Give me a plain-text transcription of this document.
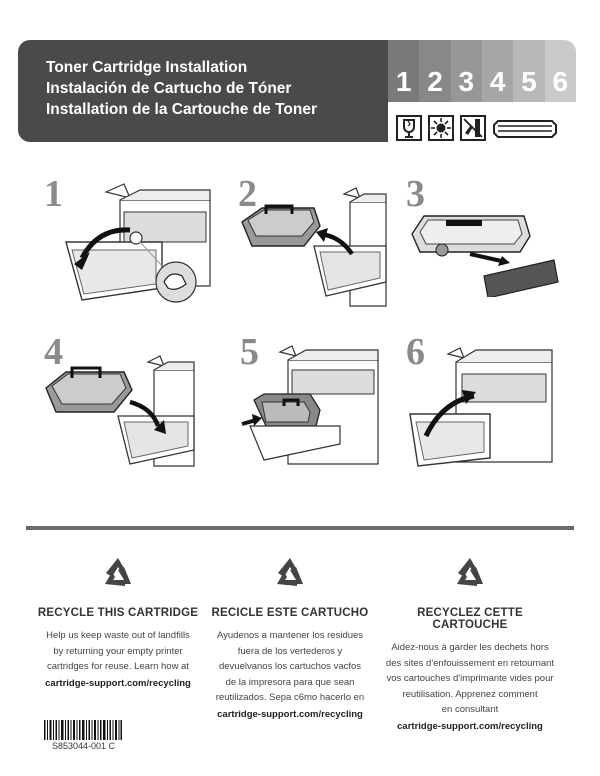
Toner Cartridge Installation
Instalación de Cartucho de Tóner
Installation de la Cartouche de Toner
1 2 3 4 5 6
1	2	3
4	5	6
RECYCLE THIS CARTRIDGE

Help us keep waste out of landfills

by returning your empty printer

cartridges for reuse. Learn how at

cartridge-support.com/recycling
RECICLE ESTE CARTUCHO

Ayudenos a mantener los residues

fuera de los vertederos y

devuelvanos los cartuchos vacfos

de la impresora para que sean

reutilizados. Sepa c6mo hacerlo en

cartridge-support.com/recycling
RECYCLEZ CETTE CARTOUCHE

Aidez-nous à garder les dechets hors

des sites d'enfouissement en retournant

vos cartouches d'imprimante vides pour

reutilisation. Apprenez comment

en consultant

cartridge-support.com/recycling
S853044-001 C
